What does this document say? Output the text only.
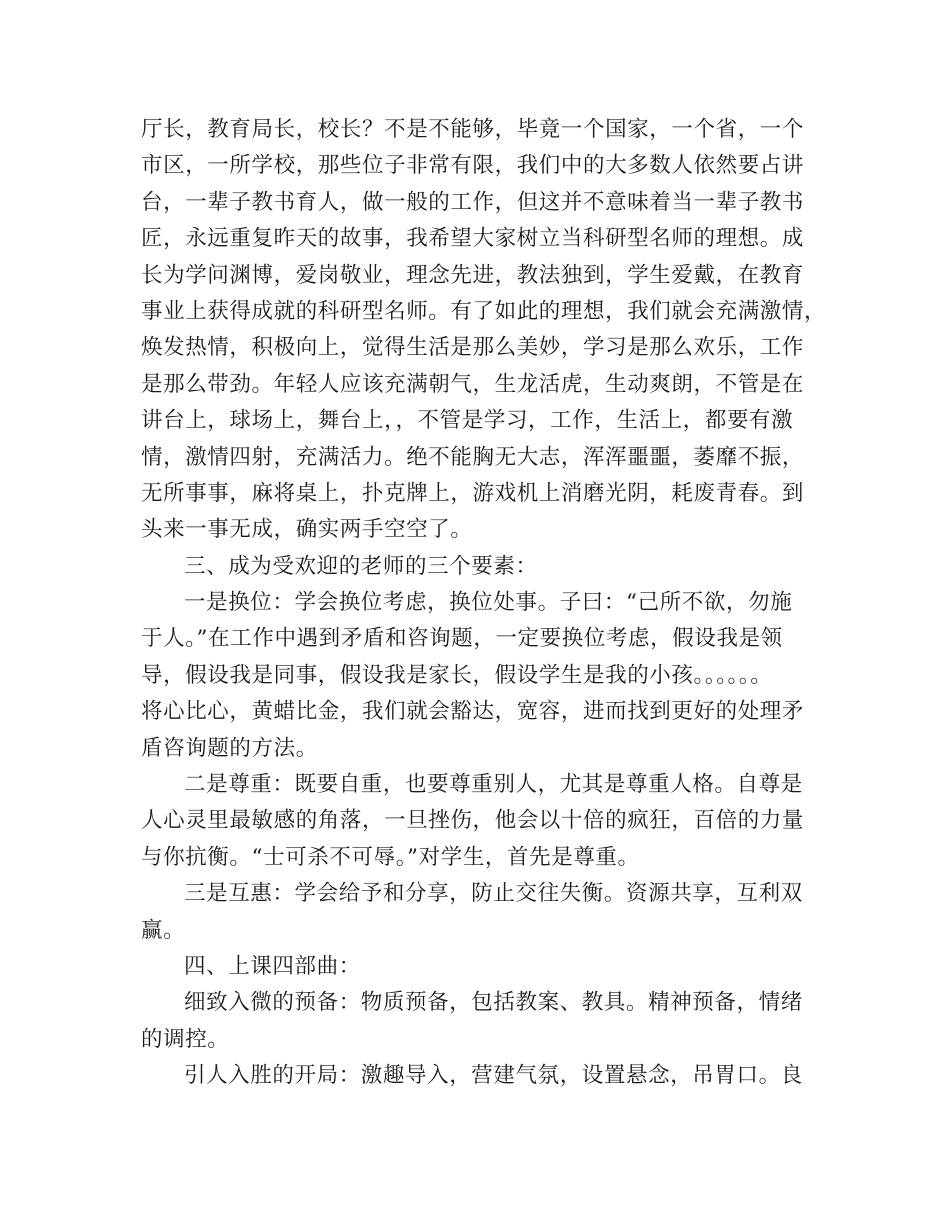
厅长，教育局长，校长？不是不能够，毕竟一个国家，一个省，一个
市区，一所学校，那些位子非常有限，我们中的大多数人依然要占讲
台，一辈子教书育人，做一般的工作，但这并不意味着当一辈子教书
匠，永远重复昨天的故事，我希望大家树立当科研型名师的理想。成
长为学问渊博，爱岗敬业，理念先进，教法独到，学生爱戴，在教育
事业上获得成就的科研型名师。有了如此的理想，我们就会充满激情，
焕发热情，积极向上，觉得生活是那么美妙，学习是那么欢乐，工作
是那么带劲。年轻人应该充满朝气，生龙活虎，生动爽朗，不管是在
讲台上，球场上，舞台上，，不管是学习，工作，生活上，都要有激
情，激情四射，充满活力。绝不能胸无大志，浑浑噩噩，萎靡不振，
无所事事，麻将桌上，扑克牌上，游戏机上消磨光阴，耗废青春。到
头来一事无成，确实两手空空了。
三、成为受欢迎的老师的三个要素：
一是换位：学会换位考虑，换位处事。子曰：“己所不欲，勿施
于人。”在工作中遇到矛盾和咨询题，一定要换位考虑，假设我是领
导，假设我是同事，假设我是家长，假设学生是我的小孩。。。。。。
将心比心，黄蜡比金，我们就会豁达，宽容，进而找到更好的处理矛
盾咨询题的方法。
二是尊重：既要自重，也要尊重别人，尤其是尊重人格。自尊是
人心灵里最敏感的角落，一旦挫伤，他会以十倍的疯狂，百倍的力量
与你抗衡。“士可杀不可辱。”对学生，首先是尊重。
三是互惠：学会给予和分享，防止交往失衡。资源共享，互利双
赢。
四、上课四部曲：
细致入微的预备：物质预备，包括教案、教具。精神预备，情绪
的调控。
引人入胜的开局：激趣导入，营建气氛，设置悬念，吊胃口。良
